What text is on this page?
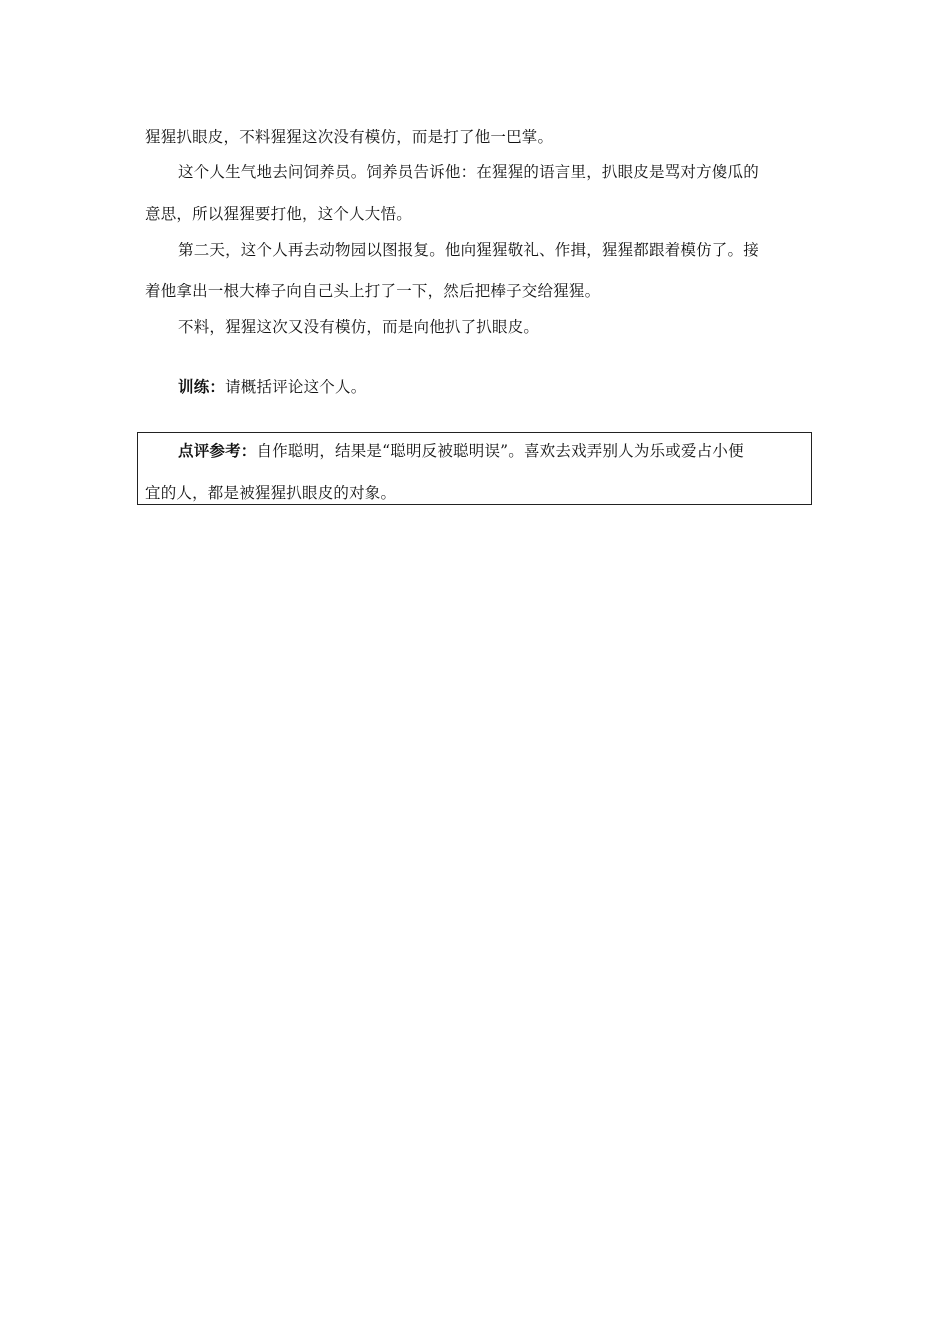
猩猩扒眼皮，不料猩猩这次没有模仿，而是打了他一巴掌。
这个人生气地去问饲养员。饲养员告诉他：在猩猩的语言里，扒眼皮是骂对方傻瓜的
意思，所以猩猩要打他，这个人大悟。
第二天，这个人再去动物园以图报复。他向猩猩敬礼、作揖，猩猩都跟着模仿了。接
着他拿出一根大棒子向自己头上打了一下，然后把棒子交给猩猩。
不料，猩猩这次又没有模仿，而是向他扒了扒眼皮。
训练：请概括评论这个人。
点评参考：自作聪明，结果是“聪明反被聪明误”。喜欢去戏弄别人为乐或爱占小便
宜的人，都是被猩猩扒眼皮的对象。
